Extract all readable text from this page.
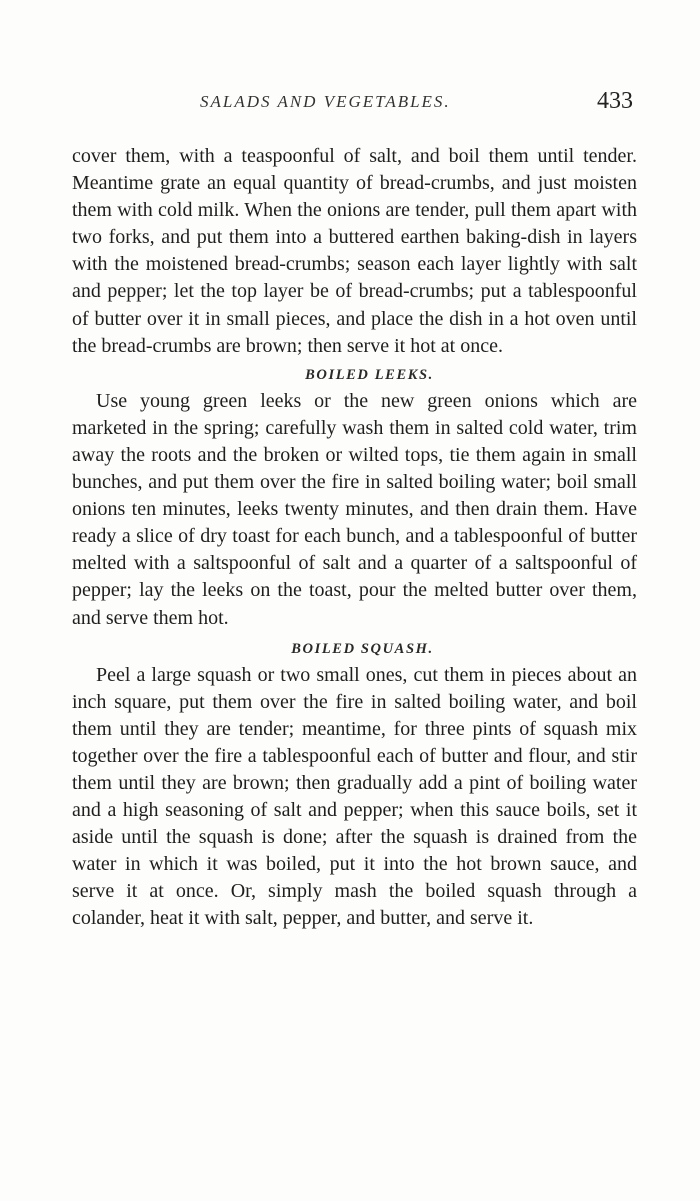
SALADS AND VEGETABLES.	433

cover them, with a teaspoonful of salt, and boil them until tender. Meantime grate an equal quantity of bread-crumbs, and just moisten them with cold milk. When the onions are tender, pull them apart with two forks, and put them into a buttered earthen baking-dish in layers with the moistened bread-crumbs; season each layer lightly with salt and pepper; let the top layer be of bread-crumbs; put a tablespoonful of butter over it in small pieces, and place the dish in a hot oven until the bread-crumbs are brown; then serve it hot at once.

BOILED LEEKS.

Use young green leeks or the new green onions which are marketed in the spring; carefully wash them in salted cold water, trim away the roots and the broken or wilted tops, tie them again in small bunches, and put them over the fire in salted boiling water; boil small onions ten minutes, leeks twenty minutes, and then drain them. Have ready a slice of dry toast for each bunch, and a tablespoonful of butter melted with a saltspoonful of salt and a quarter of a saltspoonful of pepper; lay the leeks on the toast, pour the melted butter over them, and serve them hot.

BOILED SQUASH.

Peel a large squash or two small ones, cut them in pieces about an inch square, put them over the fire in salted boiling water, and boil them until they are tender; meantime, for three pints of squash mix together over the fire a tablespoonful each of butter and flour, and stir them until they are brown; then gradually add a pint of boiling water and a high seasoning of salt and pepper; when this sauce boils, set it aside until the squash is done; after the squash is drained from the water in which it was boiled, put it into the hot brown sauce, and serve it at once. Or, simply mash the boiled squash through a colander, heat it with salt, pepper, and butter, and serve it.
